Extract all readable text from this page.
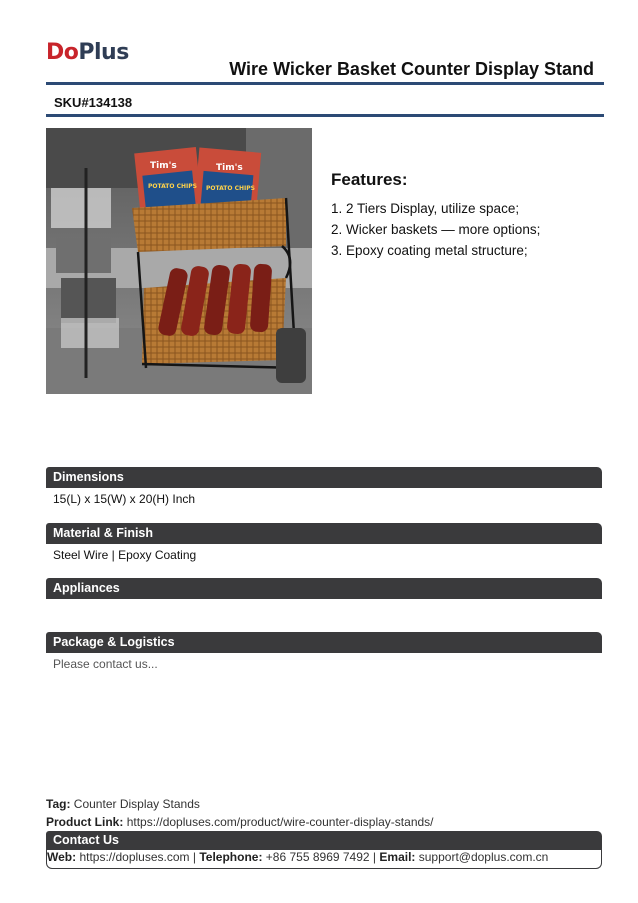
DoPlus
Wire Wicker Basket Counter Display Stand
SKU#134138
Tim's	Tim's
POTATO CHIPS POTATO CHIPS	Features:
1. 2 Tiers Display, utilize space;
2. Wicker baskets — more options;
3. Epoxy coating metal structure;
Dimensions
15(L) x 15(W) x 20(H) Inch
Material & Finish
Steel Wire | Epoxy Coating
Appliances
Package & Logistics
Please contact us...
Tag: Counter Display Stands
Product Link: https://dopluses.com/product/wire-counter-display-stands/
Contact Us
Web: https://dopluses.com | Telephone: +86 755 8969 7492 | Email: support@doplus.com.cn
